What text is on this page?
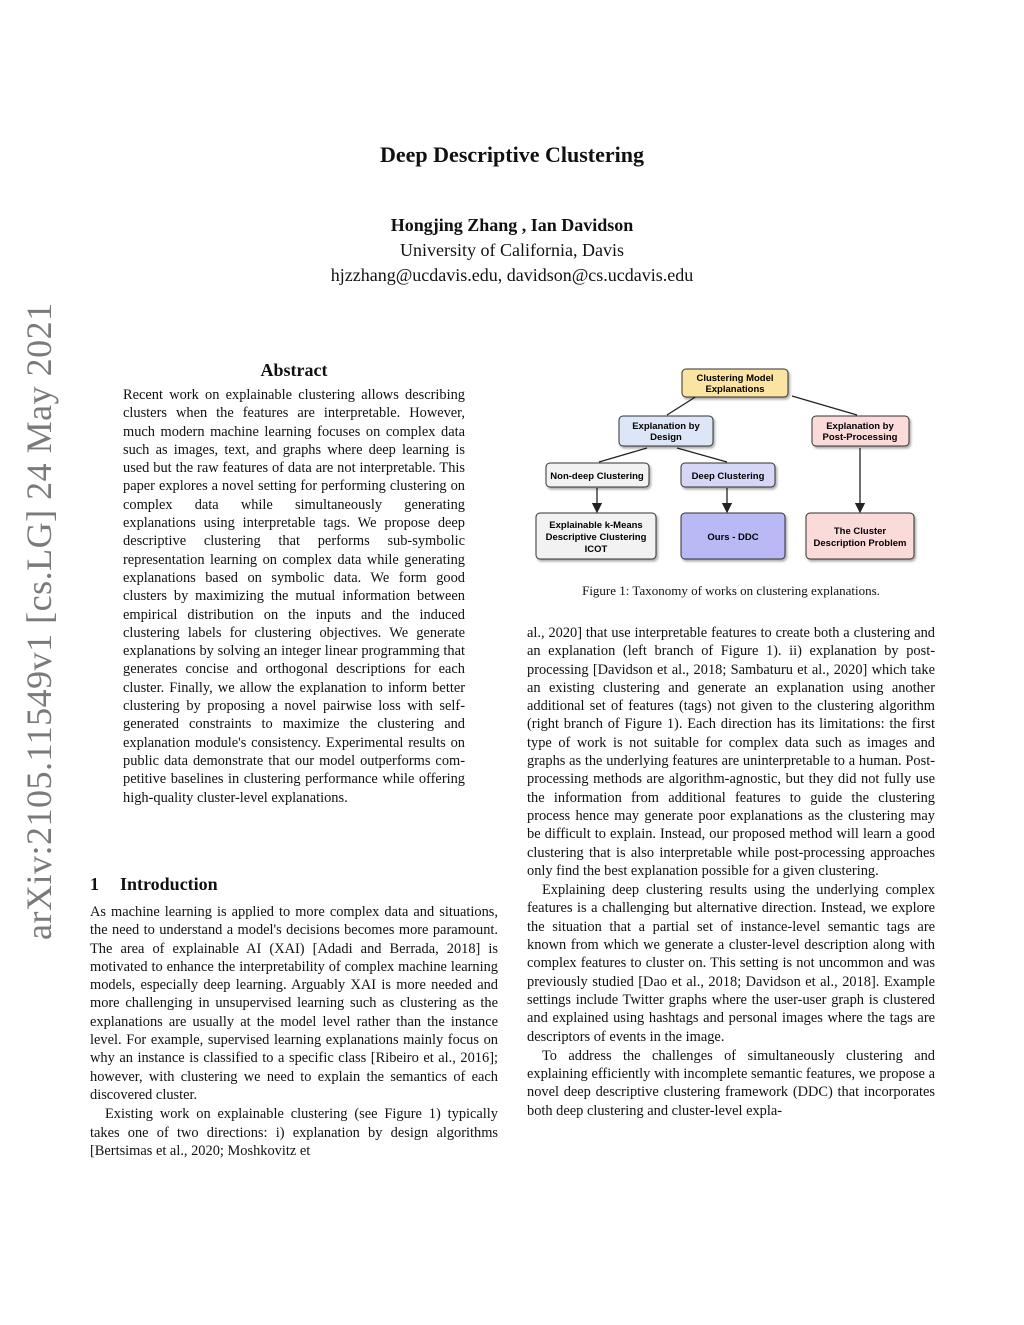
arXiv:2105.11549v1 [cs.LG] 24 May 2021
Deep Descriptive Clustering
Hongjing Zhang , Ian Davidson
University of California, Davis
hjzzhang@ucdavis.edu, davidson@cs.ucdavis.edu
Abstract
Recent work on explainable clustering allows describing clusters when the features are interpretable. However, much modern machine learning focuses on complex data such as images, text, and graphs where deep learning is used but the raw features of data are not interpretable. This paper explores a novel setting for performing clustering on complex data while simultaneously generating explanations using interpretable tags. We propose deep descriptive clustering that performs sub-symbolic representation learning on complex data while generating explanations based on symbolic data. We form good clusters by maximizing the mutual information between empirical distribution on the inputs and the induced clustering labels for clustering objectives. We generate explanations by solving an integer linear programming that generates concise and orthogonal descriptions for each cluster. Finally, we allow the explanation to inform better clustering by proposing a novel pairwise loss with self-generated constraints to maximize the clustering and explanation module's consistency. Experimental results on public data demonstrate that our model outperforms competitive baselines in clustering performance while offering high-quality cluster-level explanations.
1 Introduction

As machine learning is applied to more complex data and situations, the need to understand a model's decisions becomes more paramount. The area of explainable AI (XAI) [Adadi and Berrada, 2018] is motivated to enhance the interpretability of complex machine learning models, especially deep learning. Arguably XAI is more needed and more challenging in unsupervised learning such as clustering as the explanations are usually at the model level rather than the instance level. For example, supervised learning explanations mainly focus on why an instance is classified to a specific class [Ribeiro et al., 2016]; however, with clustering we need to explain the semantics of each discovered cluster.

Existing work on explainable clustering (see Figure 1) typically takes one of two directions: i) explanation by design algorithms [Bertsimas et al., 2020; Moshkovitz et

Clustering Model
Explanations
Explanation by
Design
Explanation by
Post-Processing
Non-deep Clustering	Deep Clustering
Explainable k-Means
Descriptive Clustering
ICOT
Ours - DDC
The Cluster
Description Problem
Figure 1: Taxonomy of works on clustering explanations.

al., 2020] that use interpretable features to create both a clustering and an explanation (left branch of Figure 1). ii) explanation by post-processing [Davidson et al., 2018; Sambaturu et al., 2020] which take an existing clustering and generate an explanation using another additional set of features (tags) not given to the clustering algorithm (right branch of Figure 1). Each direction has its limitations: the first type of work is not suitable for complex data such as images and graphs as the underlying features are uninterpretable to a human. Post-processing methods are algorithm-agnostic, but they did not fully use the information from additional features to guide the clustering process hence may generate poor explanations as the clustering may be difficult to explain. Instead, our proposed method will learn a good clustering that is also interpretable while post-processing approaches only find the best explanation possible for a given clustering.

Explaining deep clustering results using the underlying complex features is a challenging but alternative direction. Instead, we explore the situation that a partial set of instance-level semantic tags are known from which we generate a cluster-level description along with complex features to cluster on. This setting is not uncommon and was previously studied [Dao et al., 2018; Davidson et al., 2018]. Example settings include Twitter graphs where the user-user graph is clustered and explained using hashtags and personal images where the tags are descriptors of events in the image.

To address the challenges of simultaneously clustering and explaining efficiently with incomplete semantic features, we propose a novel deep descriptive clustering framework (DDC) that incorporates both deep clustering and cluster-level expla-
